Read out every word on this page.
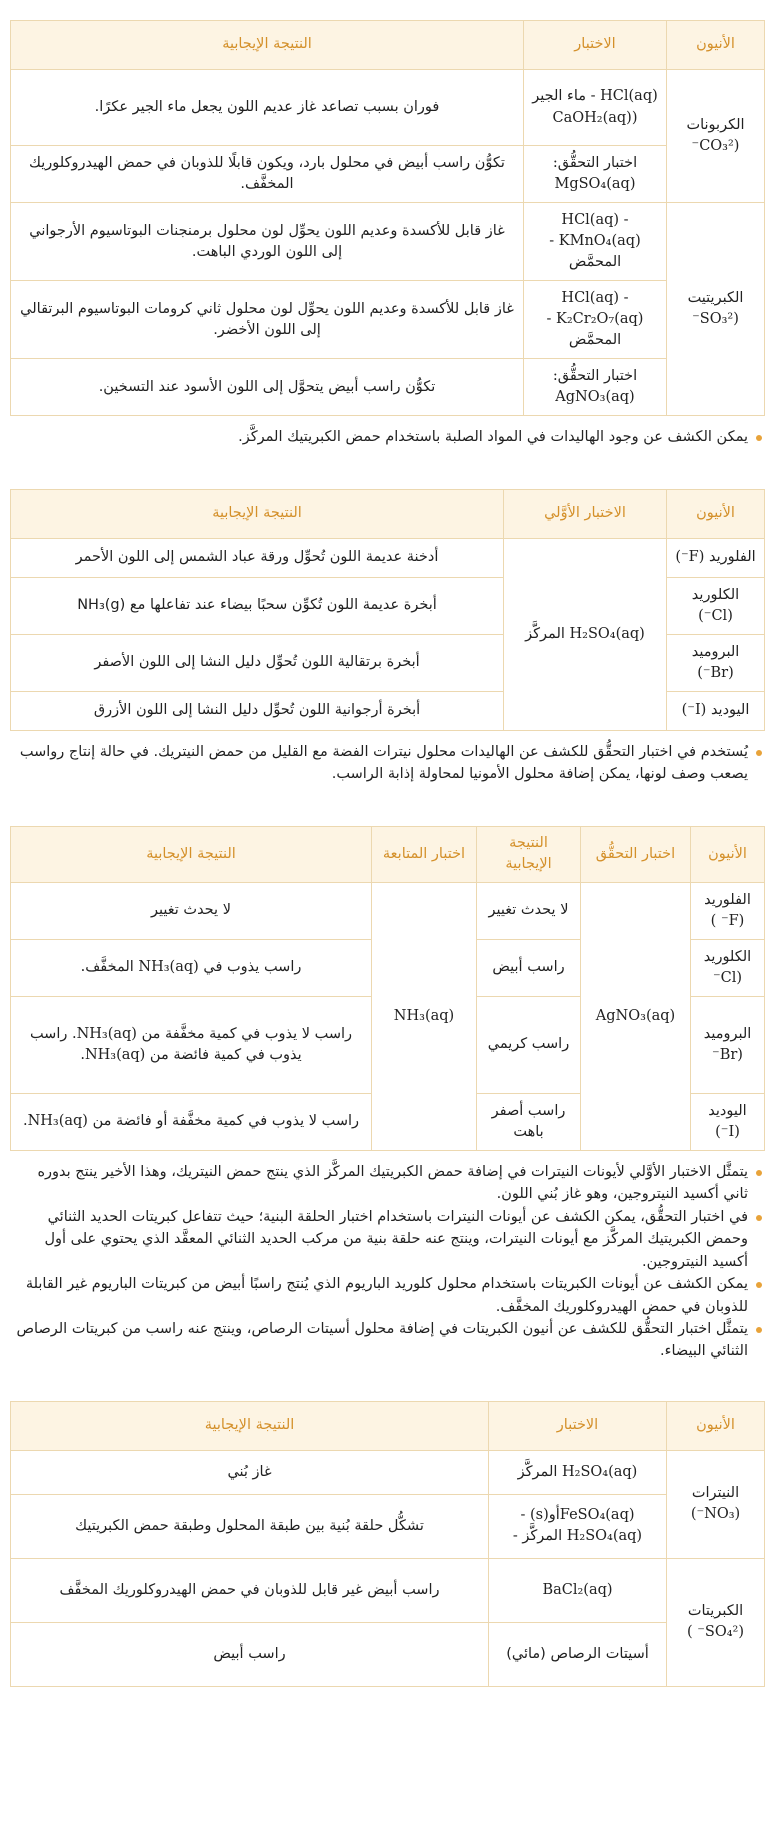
الأنيون	الاختبار	النتيجة الإيجابية
الكربونات (CO₃²⁻	HCl(aq) - ماء الجير (CaOH₂(aq)	فوران بسبب تصاعد غاز عديم اللون يجعل ماء الجير عكرًا.
	اختبار التحقُّق: MgSO₄(aq)	تكوُّن راسب أبيض في محلول بارد، ويكون قابلًا للذوبان في حمض الهيدروكلوريك المخفَّف.
الكبريتيت (SO₃²⁻	HCl(aq) - KMnO₄(aq) - المحمَّض	غاز قابل للأكسدة وعديم اللون يحوِّل لون محلول برمنجنات البوتاسيوم الأرجواني إلى اللون الوردي الباهت.
	HCl(aq) - K₂Cr₂O₇(aq) - المحمَّض	غاز قابل للأكسدة وعديم اللون يحوِّل لون محلول ثاني كرومات البوتاسيوم البرتقالي إلى اللون الأخضر.
	اختبار التحقُّق: AgNO₃(aq)	تكوُّن راسب أبيض يتحوَّل إلى اللون الأسود عند التسخين.
يمكن الكشف عن وجود الهاليدات في المواد الصلبة باستخدام حمض الكبريتيك المركَّز.
الأنيون	الاختبار الأوَّلي	النتيجة الإيجابية
الفلوريد (F⁻)	H₂SO₄(aq) المركَّز	أدخنة عديمة اللون تُحوِّل ورقة عباد الشمس إلى اللون الأحمر
الكلوريد (Cl⁻)		أبخرة عديمة اللون تُكوِّن سحبًا بيضاء عند تفاعلها مع NH₃(g)
البروميد (Br⁻)		أبخرة برتقالية اللون تُحوِّل دليل النشا إلى اللون الأصفر
اليوديد (I⁻)		أبخرة أرجوانية اللون تُحوِّل دليل النشا إلى اللون الأزرق
يُستخدم في اختبار التحقُّق للكشف عن الهاليدات محلول نيترات الفضة مع القليل من حمض النيتريك. في حالة إنتاج رواسب يصعب وصف لونها، يمكن إضافة محلول الأمونيا لمحاولة إذابة الراسب.
الأنيون	اختبار التحقُّق	النتيجة الإيجابية	اختبار المتابعة	النتيجة الإيجابية
الفلوريد (F⁻ )	AgNO₃(aq)	لا يحدث تغيير	NH₃(aq)	لا يحدث تغيير
الكلوريد (Cl⁻		راسب أبيض		راسب يذوب في NH₃(aq) المخفَّف.
البروميد (Br⁻		راسب كريمي		راسب لا يذوب في كمية مخفَّفة من NH₃(aq). راسب يذوب في كمية فائضة من NH₃(aq).
اليوديد (I⁻)		راسب أصفر باهت		راسب لا يذوب في كمية مخفَّفة أو فائضة من NH₃(aq).
يتمثَّل الاختبار الأوَّلي لأيونات النيترات في إضافة حمض الكبريتيك المركَّز الذي ينتج حمض النيتريك، وهذا الأخير ينتج بدوره ثاني أكسيد النيتروجين، وهو غاز بُني اللون.
في اختبار التحقُّق، يمكن الكشف عن أيونات النيترات باستخدام اختبار الحلقة البنية؛ حيث تتفاعل كبريتات الحديد الثنائي وحمض الكبريتيك المركَّز مع أيونات النيترات، وينتج عنه حلقة بنية من مركب الحديد الثنائي المعقَّد الذي يحتوي على أول أكسيد النيتروجين.
يمكن الكشف عن أيونات الكبريتات باستخدام محلول كلوريد الباريوم الذي يُنتج راسبًا أبيض من كبريتات الباريوم غير القابلة للذوبان في حمض الهيدروكلوريك المخفَّف.
يتمثَّل اختبار التحقُّق للكشف عن أنيون الكبريتات في إضافة محلول أسيتات الرصاص، وينتج عنه راسب من كبريتات الرصاص الثنائي البيضاء.
الأنيون	الاختبار	النتيجة الإيجابية
النيترات (NO₃⁻)	H₂SO₄(aq) المركَّز	غاز بُني
	FeSO₄(aq)أو(s) - H₂SO₄(aq) المركَّز -	تشكُّل حلقة بُنية بين طبقة المحلول وطبقة حمض الكبريتيك
الكبريتات (SO₄²⁻ )	BaCl₂(aq)	راسب أبيض غير قابل للذوبان في حمض الهيدروكلوريك المخفَّف
	أسيتات الرصاص (مائي)	راسب أبيض
